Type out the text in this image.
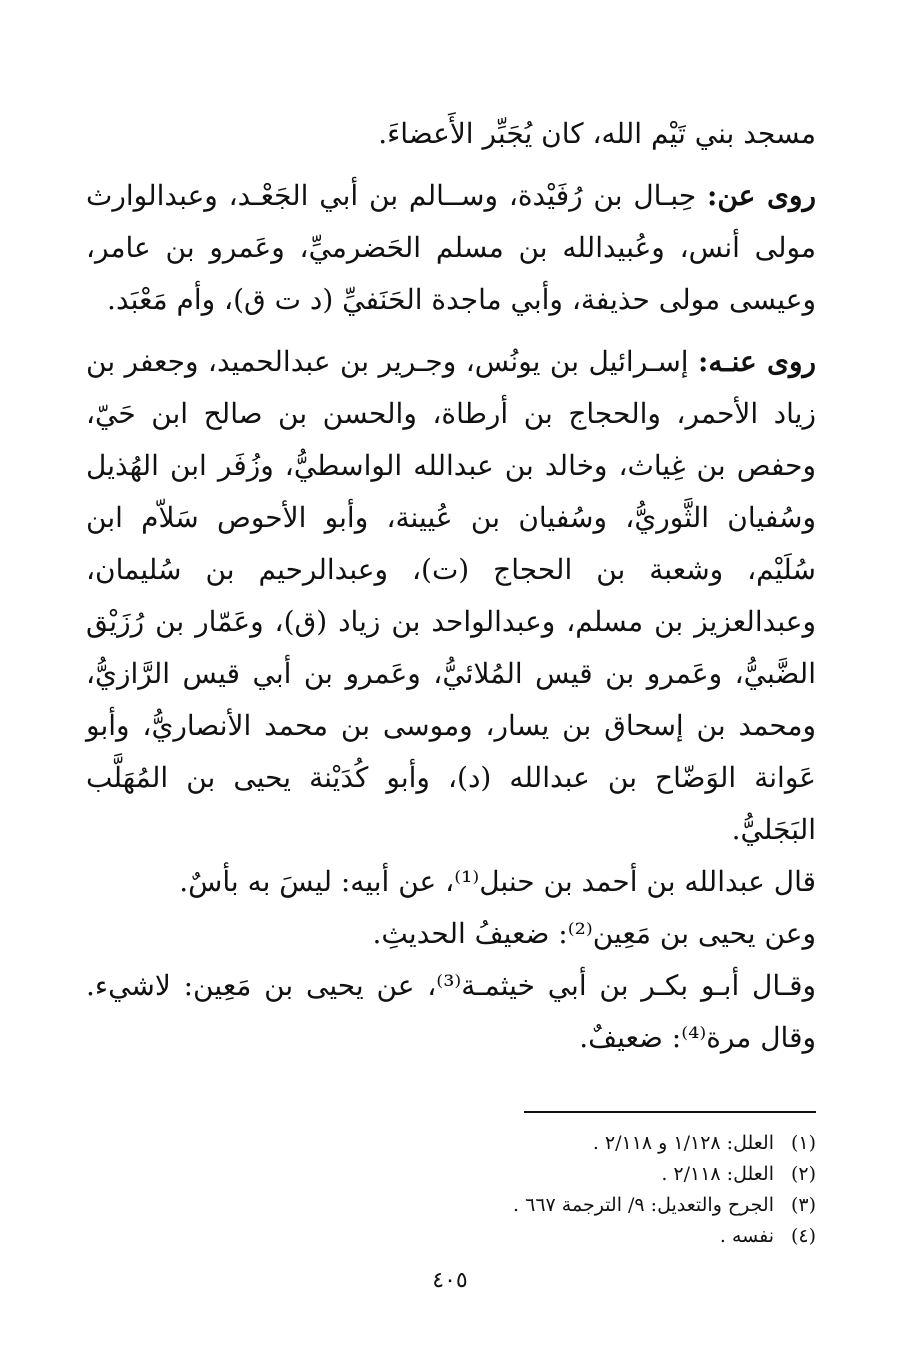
مسجد بني تَيْم الله، كان يُجَبِّر الأَعضاءَ.

روى عن: حِبـال بن رُفَيْدة، وســالم بن أبي الجَعْـد، وعبدالوارث مولى أنس، وعُبيدالله بن مسلم الحَضرميِّ، وعَمرو بن عامر، وعيسى مولى حذيفة، وأبي ماجدة الحَنَفيِّ (د ت ق)، وأم مَعْبَد.

روى عنـه: إسـرائيل بن يونُس، وجـرير بن عبدالحميد، وجعفر بن زياد الأحمر، والحجاج بن أرطاة، والحسن بن صالح ابن حَيّ، وحفص بن غِياث، وخالد بن عبدالله الواسطيُّ، وزُفَر ابن الهُذيل وسُفيان الثَّوريُّ، وسُفيان بن عُيينة، وأبو الأحوص سَلاّم ابن سُلَيْم، وشعبة بن الحجاج (ت)، وعبدالرحيم بن سُليمان، وعبدالعزيز بن مسلم، وعبدالواحد بن زياد (ق)، وعَمّار بن رُزَيْق الضَّبيُّ، وعَمرو بن قيس المُلائيُّ، وعَمرو بن أبي قيس الرَّازيُّ، ومحمد بن إسحاق بن يسار، وموسى بن محمد الأنصاريُّ، وأبو عَوانة الوَضّاح بن عبدالله (د)، وأبو كُدَيْنة يحيى بن المُهَلَّب البَجَليُّ.

قال عبدالله بن أحمد بن حنبل⁽¹⁾، عن أبيه: ليسَ به بأسٌ.

وعن يحيى بن مَعِين⁽²⁾: ضعيفُ الحديثِ.

وقـال أبـو بكـر بن أبي خيثمـة⁽³⁾، عن يحيى بن مَعِين: لاشيء. وقال مرة⁽⁴⁾: ضعيفٌ.

(١)
العلل: ١/١٢٨ و ٢/١١٨ .
(٢)
العلل: ٢/١١٨ .
(٣)
الجرح والتعديل: ٩/ الترجمة ٦٦٧ .
(٤)
نفسه .
٤٠٥
